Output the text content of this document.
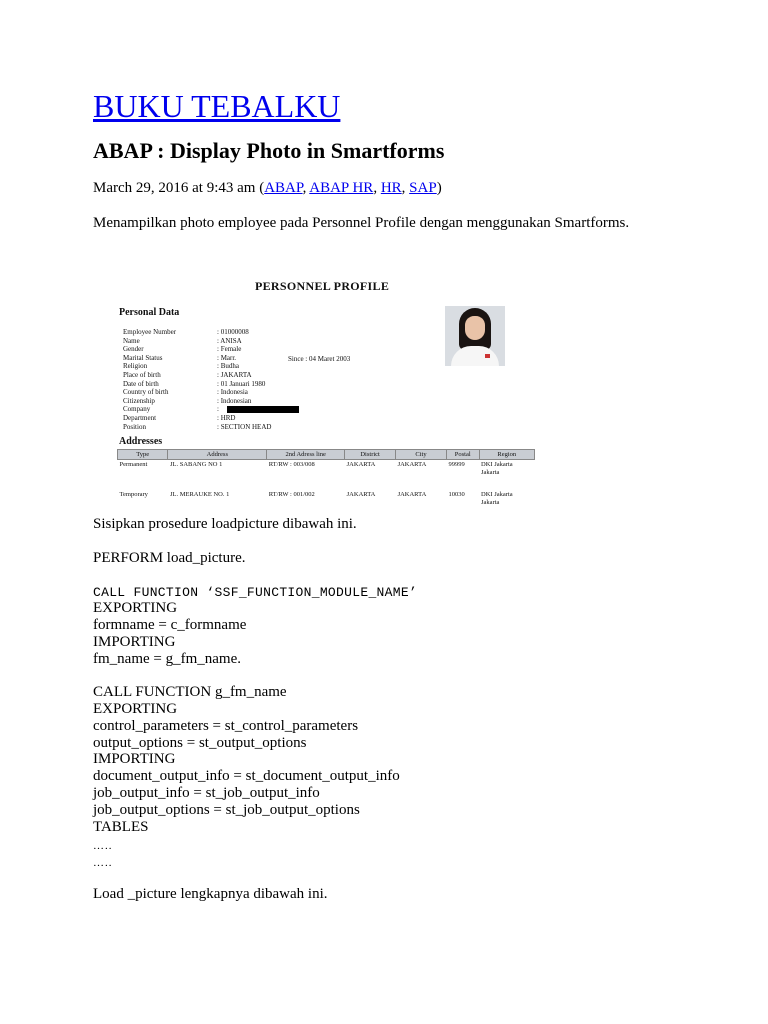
BUKU TEBALKU
ABAP : Display Photo in Smartforms
March 29, 2016 at 9:43 am (ABAP, ABAP HR, HR, SAP)
Menampilkan photo employee pada Personnel Profile dengan menggunakan Smartforms.
PERSONNEL PROFILE
Personal Data
Employee Number	: 01000008
Name	: ANISA
Gender	: Female
Marital Status	: Marr.
Religion	: Budha
Place of birth	: JAKARTA
Date of birth	: 01 Januari 1980
Country of birth	: Indonesia
Citizenship	: Indonesian
Company	:
Department	: HRD
Position	: SECTION HEAD
Since : 04 Maret 2003
Addresses
Type	Address	2nd Adress line	District	City	Postal	Region
Permanent	JL. SABANG NO 1	RT/RW : 003/008	JAKARTA	JAKARTA	99999	DKI Jakarta
Jakarta

Temporary	JL. MERAUKE NO. 1	RT/RW : 001/002	JAKARTA	JAKARTA	10030	DKI Jakarta
Jakarta
Sisipkan prosedure loadpicture dibawah ini.
PERFORM load_picture.
CALL FUNCTION ‘SSF_FUNCTION_MODULE_NAME’
EXPORTING
formname = c_formname
IMPORTING
fm_name = g_fm_name.
CALL FUNCTION g_fm_name
EXPORTING
control_parameters = st_control_parameters
output_options = st_output_options
IMPORTING
document_output_info = st_document_output_info
job_output_info = st_job_output_info
job_output_options = st_job_output_options
TABLES
…..
…..
Load _picture lengkapnya dibawah ini.
